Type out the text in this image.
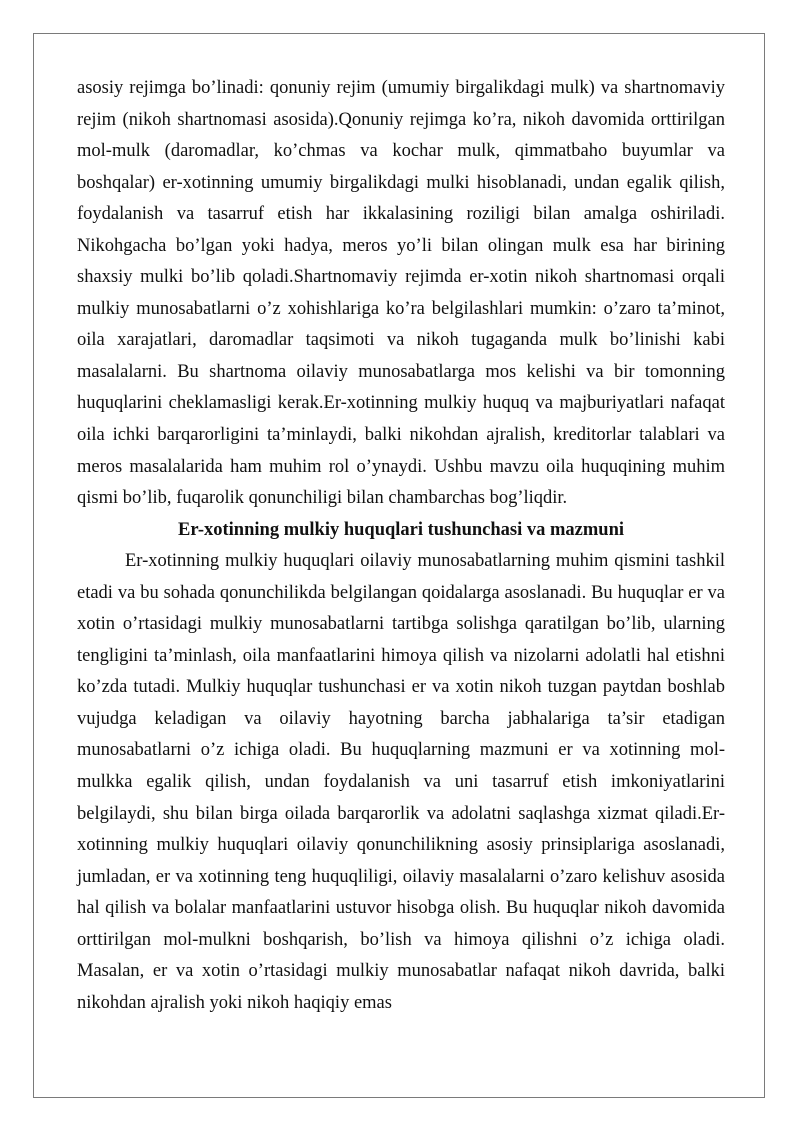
asosiy rejimga bo’linadi: qonuniy rejim (umumiy birgalikdagi mulk) va shartnomaviy rejim (nikoh shartnomasi asosida).Qonuniy rejimga ko’ra, nikoh davomida orttirilgan mol-mulk (daromadlar, ko’chmas va kochar mulk, qimmatbaho buyumlar va boshqalar) er-xotinning umumiy birgalikdagi mulki hisoblanadi, undan egalik qilish, foydalanish va tasarruf etish har ikkalasining roziligi bilan amalga oshiriladi. Nikohgacha bo’lgan yoki hadya, meros yo’li bilan olingan mulk esa har birining shaxsiy mulki bo’lib qoladi.Shartnomaviy rejimda er-xotin nikoh shartnomasi orqali mulkiy munosabatlarni o’z xohishlariga ko’ra belgilashlari mumkin: o’zaro ta’minot, oila xarajatlari, daromadlar taqsimoti va nikoh tugaganda mulk bo’linishi kabi masalalarni. Bu shartnoma oilaviy munosabatlarga mos kelishi va bir tomonning huquqlarini cheklamasligi kerak.Er-xotinning mulkiy huquq va majburiyatlari nafaqat oila ichki barqarorligini ta’minlaydi, balki nikohdan ajralish, kreditorlar talablari va meros masalalarida ham muhim rol o’ynaydi. Ushbu mavzu oila huquqining muhim qismi bo’lib, fuqarolik qonunchiligi bilan chambarchas bog’liqdir.

Er-xotinning mulkiy huquqlari tushunchasi va mazmuni

Er-xotinning mulkiy huquqlari oilaviy munosabatlarning muhim qismini tashkil etadi va bu sohada qonunchilikda belgilangan qoidalarga asoslanadi. Bu huquqlar er va xotin o’rtasidagi mulkiy munosabatlarni tartibga solishga qaratilgan bo’lib, ularning tengligini ta’minlash, oila manfaatlarini himoya qilish va nizolarni adolatli hal etishni ko’zda tutadi. Mulkiy huquqlar tushunchasi er va xotin nikoh tuzgan paytdan boshlab vujudga keladigan va oilaviy hayotning barcha jabhalariga ta’sir etadigan munosabatlarni o’z ichiga oladi. Bu huquqlarning mazmuni er va xotinning mol-mulkka egalik qilish, undan foydalanish va uni tasarruf etish imkoniyatlarini belgilaydi, shu bilan birga oilada barqarorlik va adolatni saqlashga xizmat qiladi.Er-xotinning mulkiy huquqlari oilaviy qonunchilikning asosiy prinsiplariga asoslanadi, jumladan, er va xotinning teng huquqliligi, oilaviy masalalarni o’zaro kelishuv asosida hal qilish va bolalar manfaatlarini ustuvor hisobga olish. Bu huquqlar nikoh davomida orttirilgan mol-mulkni boshqarish, bo’lish va himoya qilishni o’z ichiga oladi. Masalan, er va xotin o’rtasidagi mulkiy munosabatlar nafaqat nikoh davrida, balki nikohdan ajralish yoki nikoh haqiqiy emas
